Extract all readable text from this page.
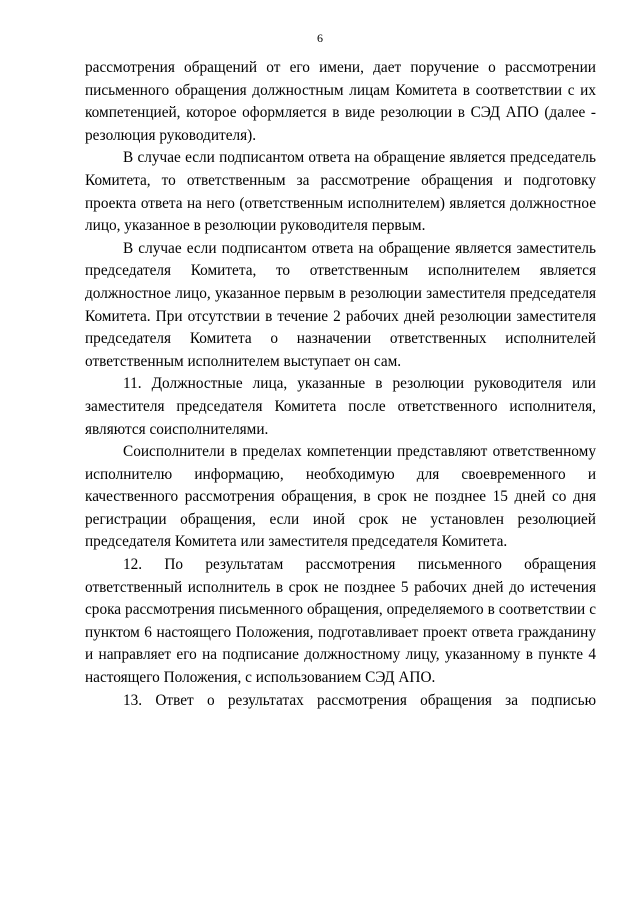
6

рассмотрения обращений от его имени, дает поручение о рассмотрении письменного обращения должностным лицам Комитета в соответствии с их компетенцией, которое оформляется в виде резолюции в СЭД АПО (далее - резолюция руководителя).

В случае если подписантом ответа на обращение является председатель Комитета, то ответственным за рассмотрение обращения и подготовку проекта ответа на него (ответственным исполнителем) является должностное лицо, указанное в резолюции руководителя первым.

В случае если подписантом ответа на обращение является заместитель председателя Комитета, то ответственным исполнителем является должностное лицо, указанное первым в резолюции заместителя председателя Комитета. При отсутствии в течение 2 рабочих дней резолюции заместителя председателя Комитета о назначении ответственных исполнителей ответственным исполнителем выступает он сам.

11. Должностные лица, указанные в резолюции руководителя или заместителя председателя Комитета после ответственного исполнителя, являются соисполнителями.

Соисполнители в пределах компетенции представляют ответственному исполнителю информацию, необходимую для своевременного и качественного рассмотрения обращения, в срок не позднее 15 дней со дня регистрации обращения, если иной срок не установлен резолюцией председателя Комитета или заместителя председателя Комитета.

12. По результатам рассмотрения письменного обращения ответственный исполнитель в срок не позднее 5 рабочих дней до истечения срока рассмотрения письменного обращения, определяемого в соответствии с пунктом 6 настоящего Положения, подготавливает проект ответа гражданину и направляет его на подписание должностному лицу, указанному в пункте 4 настоящего Положения, с использованием СЭД АПО.

13. Ответ о результатах рассмотрения обращения за подписью
